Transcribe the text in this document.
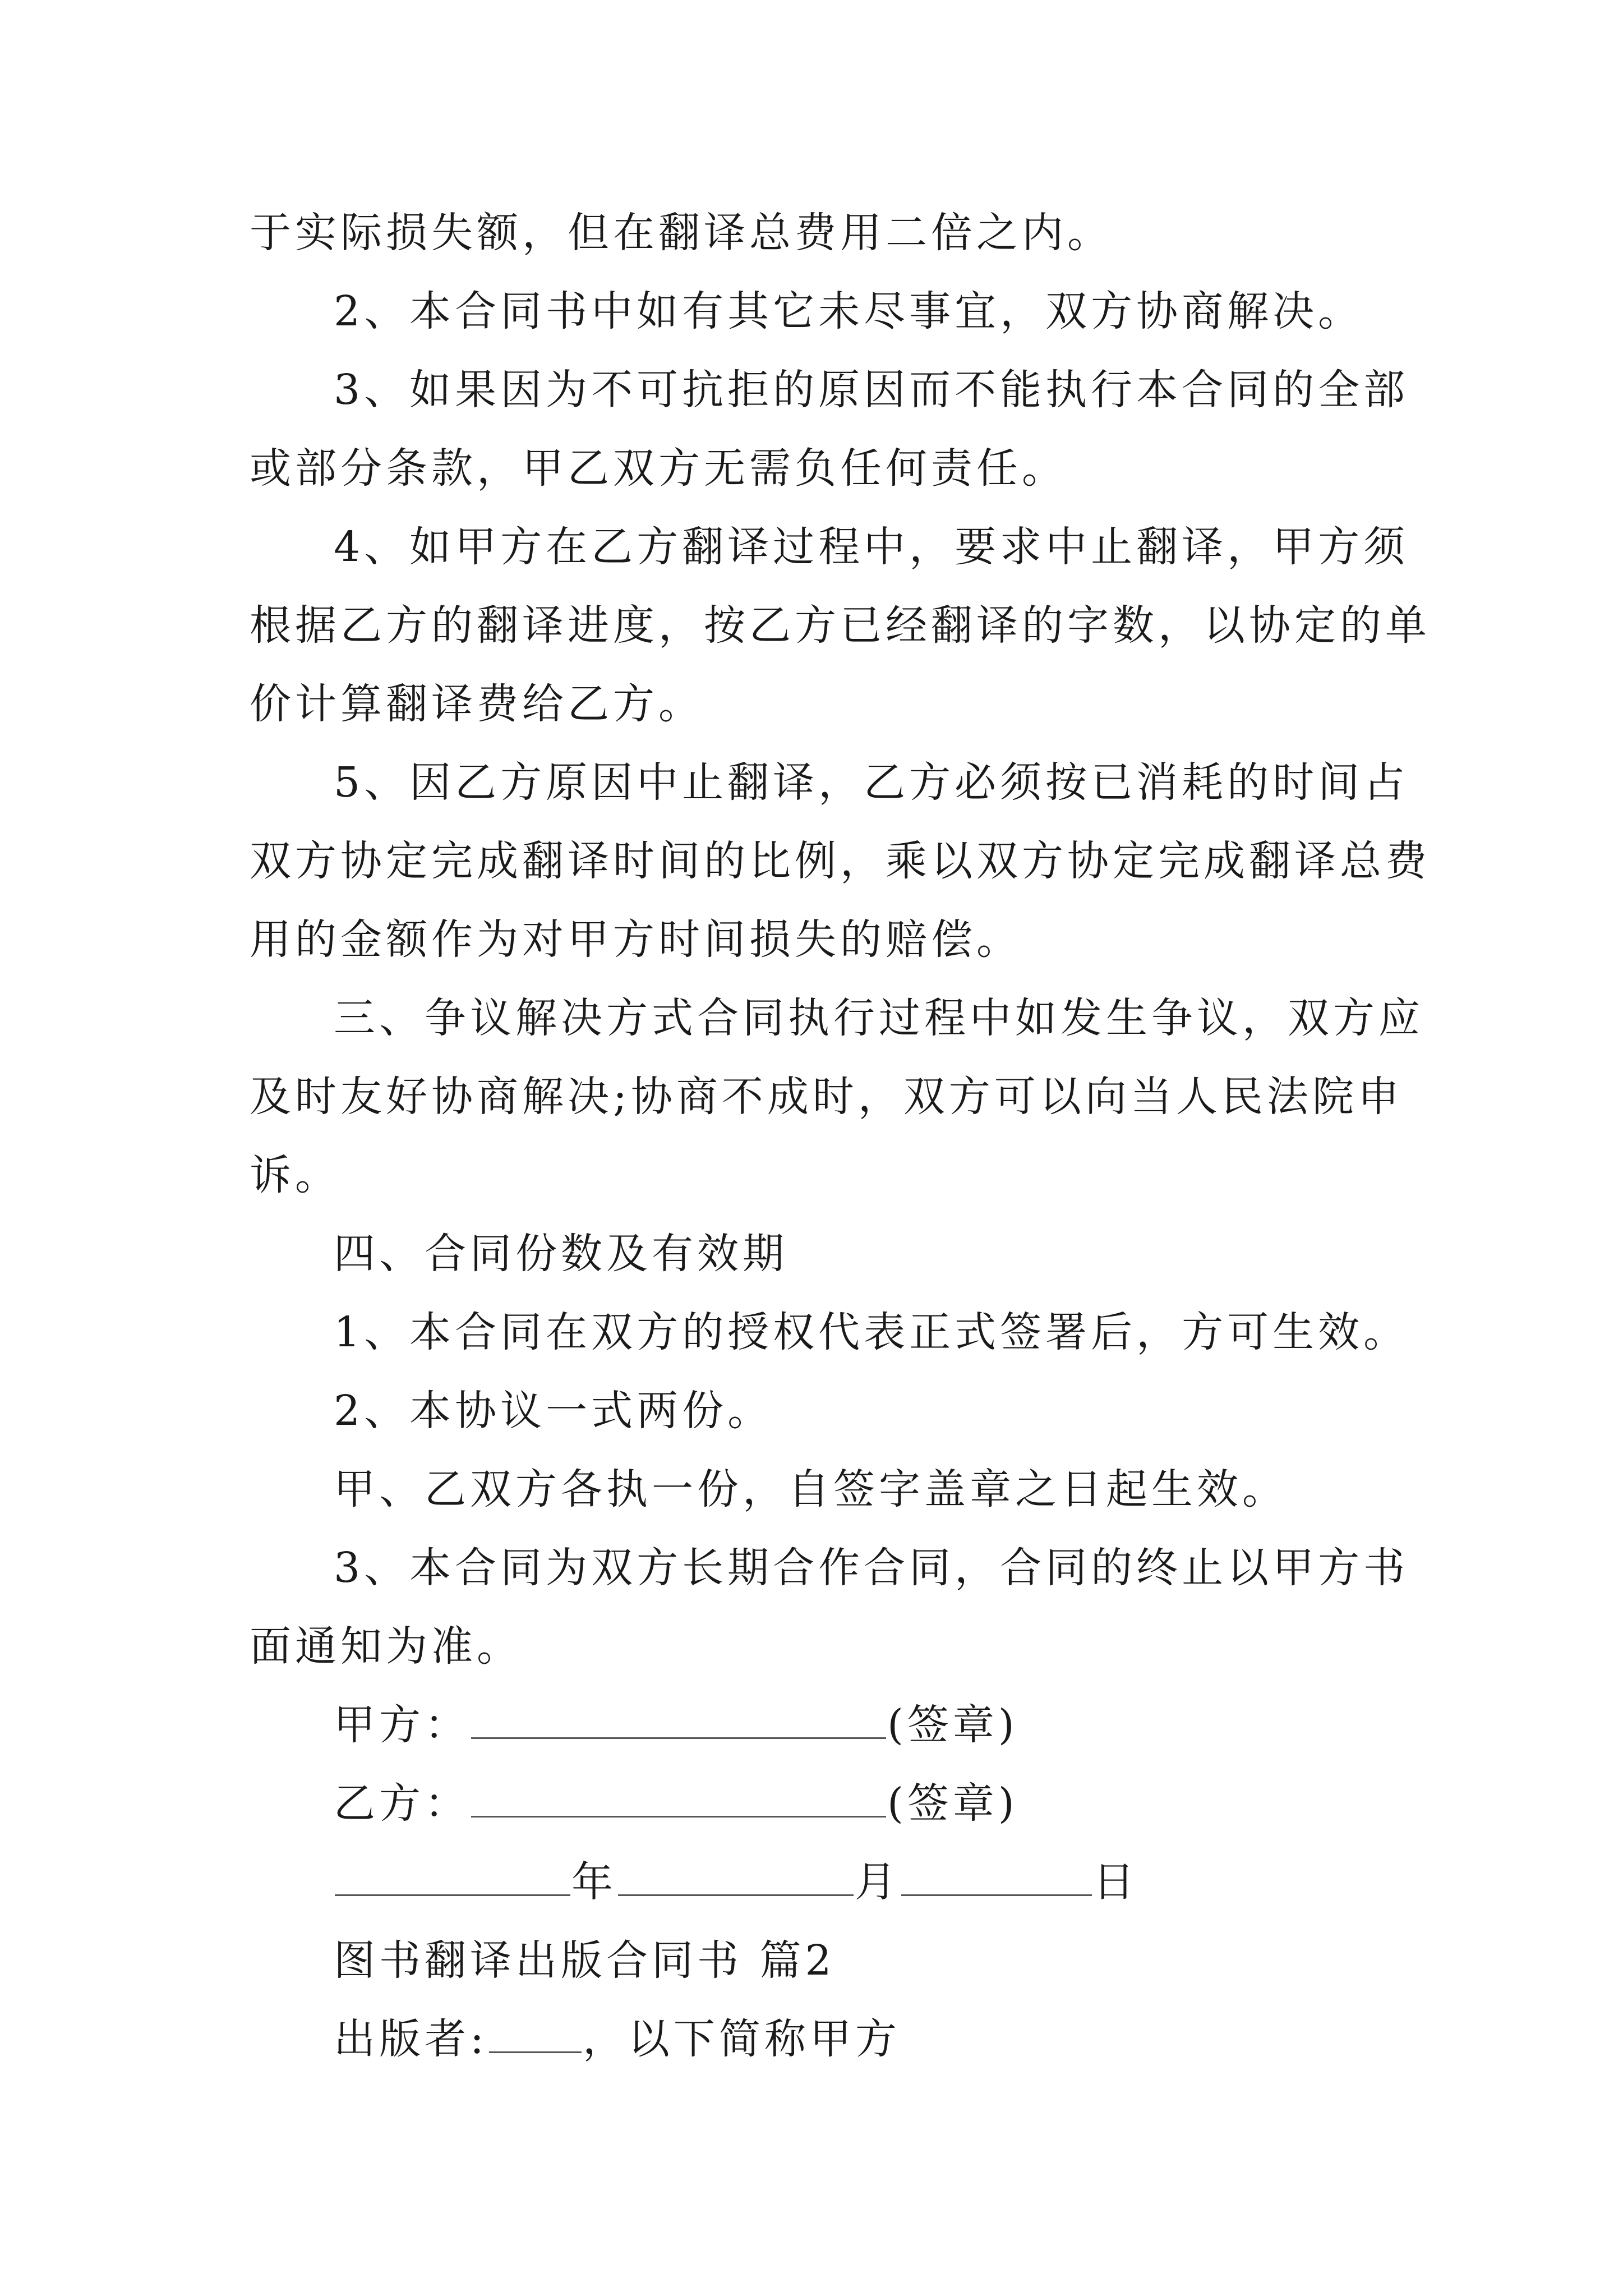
于实际损失额，但在翻译总费用二倍之内。
2、本合同书中如有其它未尽事宜，双方协商解决。
3、如果因为不可抗拒的原因而不能执行本合同的全部
或部分条款，甲乙双方无需负任何责任。
4、如甲方在乙方翻译过程中，要求中止翻译，甲方须
根据乙方的翻译进度，按乙方已经翻译的字数，以协定的单
价计算翻译费给乙方。
5、因乙方原因中止翻译，乙方必须按已消耗的时间占
双方协定完成翻译时间的比例，乘以双方协定完成翻译总费
用的金额作为对甲方时间损失的赔偿。
三、争议解决方式合同执行过程中如发生争议，双方应
及时友好协商解决;协商不成时，双方可以向当人民法院申
诉。
四、合同份数及有效期
1、本合同在双方的授权代表正式签署后，方可生效。
2、本协议一式两份。
甲、乙双方各执一份，自签字盖章之日起生效。
3、本合同为双方长期合作合同，合同的终止以甲方书
面通知为准。
甲方：	(签章)
乙方：	(签章)
年	月	日
图书翻译出版合同书 篇2
出版者: ，以下简称甲方
